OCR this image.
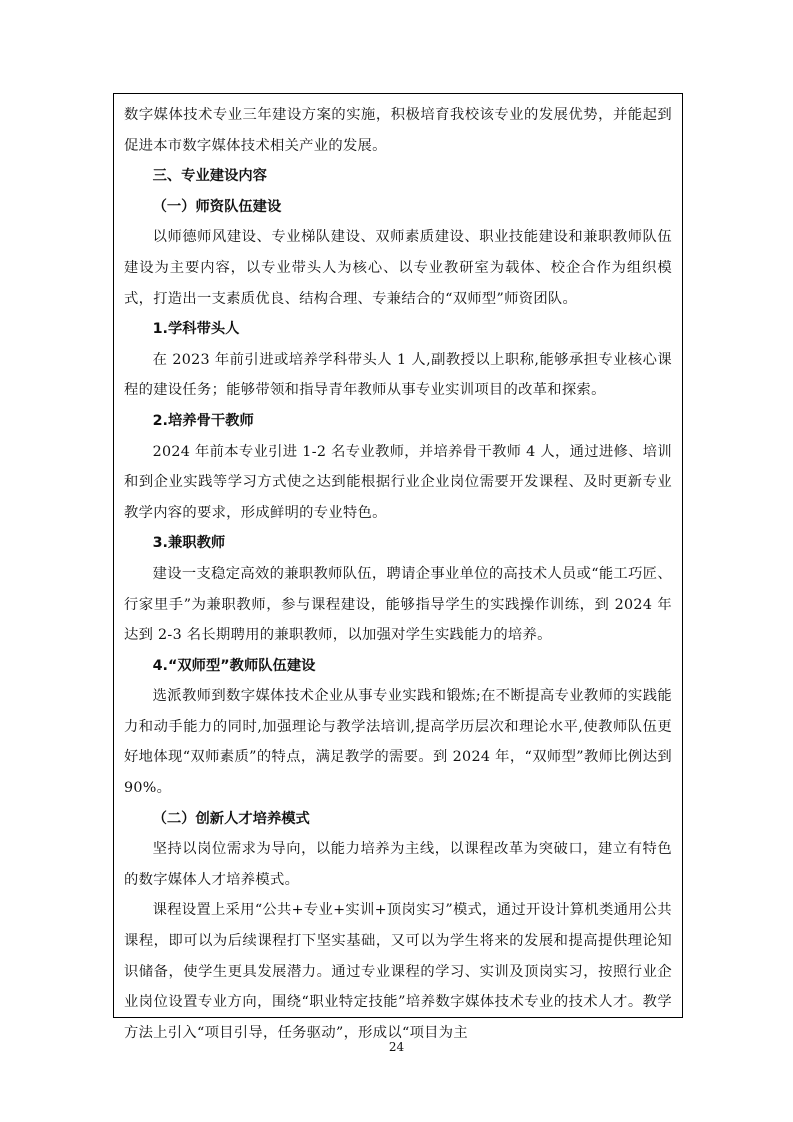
数字媒体技术专业三年建设方案的实施，积极培育我校该专业的发展优势，并能起到促进本市数字媒体技术相关产业的发展。

三、专业建设内容

（一）师资队伍建设

以师德师风建设、专业梯队建设、双师素质建设、职业技能建设和兼职教师队伍建设为主要内容，以专业带头人为核心、以专业教研室为载体、校企合作为组织模式，打造出一支素质优良、结构合理、专兼结合的“双师型”师资团队。

1.学科带头人

在 2023 年前引进或培养学科带头人 1 人,副教授以上职称,能够承担专业核心课程的建设任务；能够带领和指导青年教师从事专业实训项目的改革和探索。

2.培养骨干教师

2024 年前本专业引进 1-2 名专业教师，并培养骨干教师 4 人，通过进修、培训和到企业实践等学习方式使之达到能根据行业企业岗位需要开发课程、及时更新专业教学内容的要求，形成鲜明的专业特色。

3.兼职教师

建设一支稳定高效的兼职教师队伍，聘请企事业单位的高技术人员或“能工巧匠、行家里手”为兼职教师，参与课程建设，能够指导学生的实践操作训练，到 2024 年达到 2-3 名长期聘用的兼职教师，以加强对学生实践能力的培养。

4.“双师型”教师队伍建设

选派教师到数字媒体技术企业从事专业实践和锻炼;在不断提高专业教师的实践能力和动手能力的同时,加强理论与教学法培训,提高学历层次和理论水平,使教师队伍更好地体现“双师素质”的特点，满足教学的需要。到 2024 年，“双师型”教师比例达到 90%。

（二）创新人才培养模式

坚持以岗位需求为导向，以能力培养为主线，以课程改革为突破口，建立有特色的数字媒体人才培养模式。

课程设置上采用“公共+专业+实训+顶岗实习”模式，通过开设计算机类通用公共课程，即可以为后续课程打下坚实基础，又可以为学生将来的发展和提高提供理论知识储备，使学生更具发展潜力。通过专业课程的学习、实训及顶岗实习，按照行业企业岗位设置专业方向，围绕“职业特定技能”培养数字媒体技术专业的技术人才。教学方法上引入“项目引导，任务驱动”，形成以“项目为主

24
